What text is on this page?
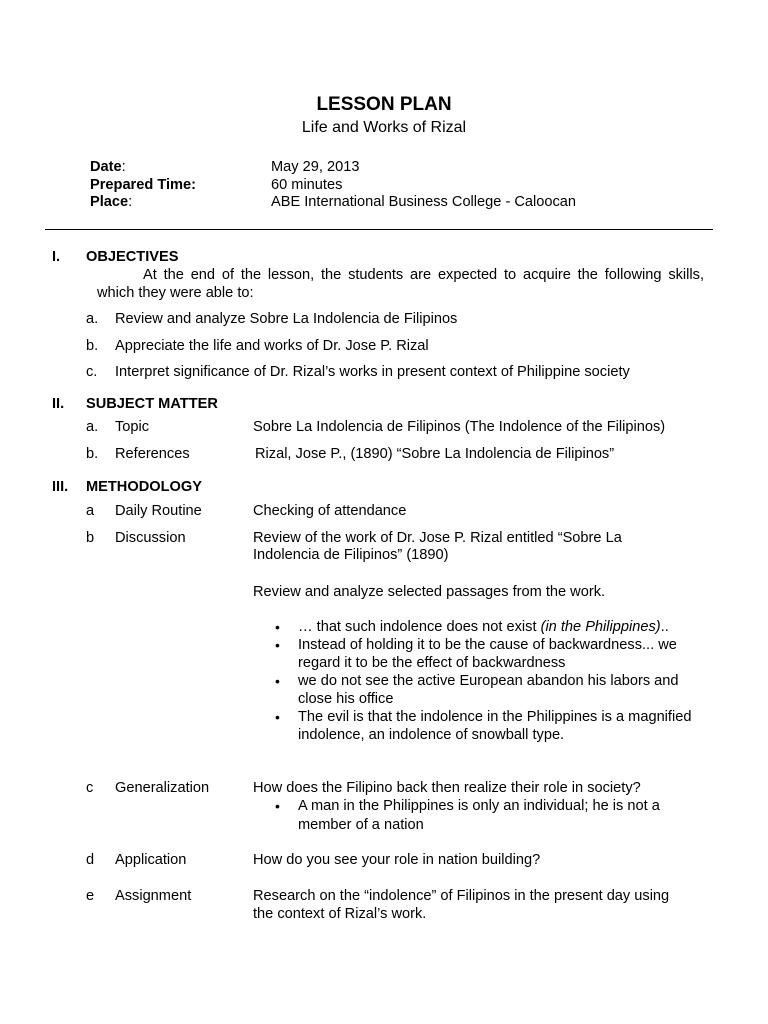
LESSON PLAN
Life and Works of Rizal
Date:	May 29, 2013
Prepared Time:	60 minutes
Place:	ABE International Business College - Caloocan
I. OBJECTIVES
At the end of the lesson, the students are expected to acquire the following skills,
which they were able to:
a. Review and analyze Sobre La Indolencia de Filipinos
b. Appreciate the life and works of Dr. Jose P. Rizal
c. Interpret significance of Dr. Rizal’s works in present context of Philippine society
II. SUBJECT MATTER
a. Topic	Sobre La Indolencia de Filipinos (The Indolence of the Filipinos)
b. References	Rizal, Jose P., (1890) “Sobre La Indolencia de Filipinos”
III. METHODOLOGY
a Daily Routine	Checking of attendance
b Discussion	Review of the work of Dr. Jose P. Rizal entitled “Sobre La
Indolencia de Filipinos” (1890)
Review and analyze selected passages from the work.
• … that such indolence does not exist (in the Philippines)..
• Instead of holding it to be the cause of backwardness... we
regard it to be the effect of backwardness
• we do not see the active European abandon his labors and
close his office
• The evil is that the indolence in the Philippines is a magnified
indolence, an indolence of snowball type.
c Generalization	How does the Filipino back then realize their role in society?
• A man in the Philippines is only an individual; he is not a
member of a nation
d Application	How do you see your role in nation building?
e Assignment	Research on the “indolence” of Filipinos in the present day using
the context of Rizal’s work.
